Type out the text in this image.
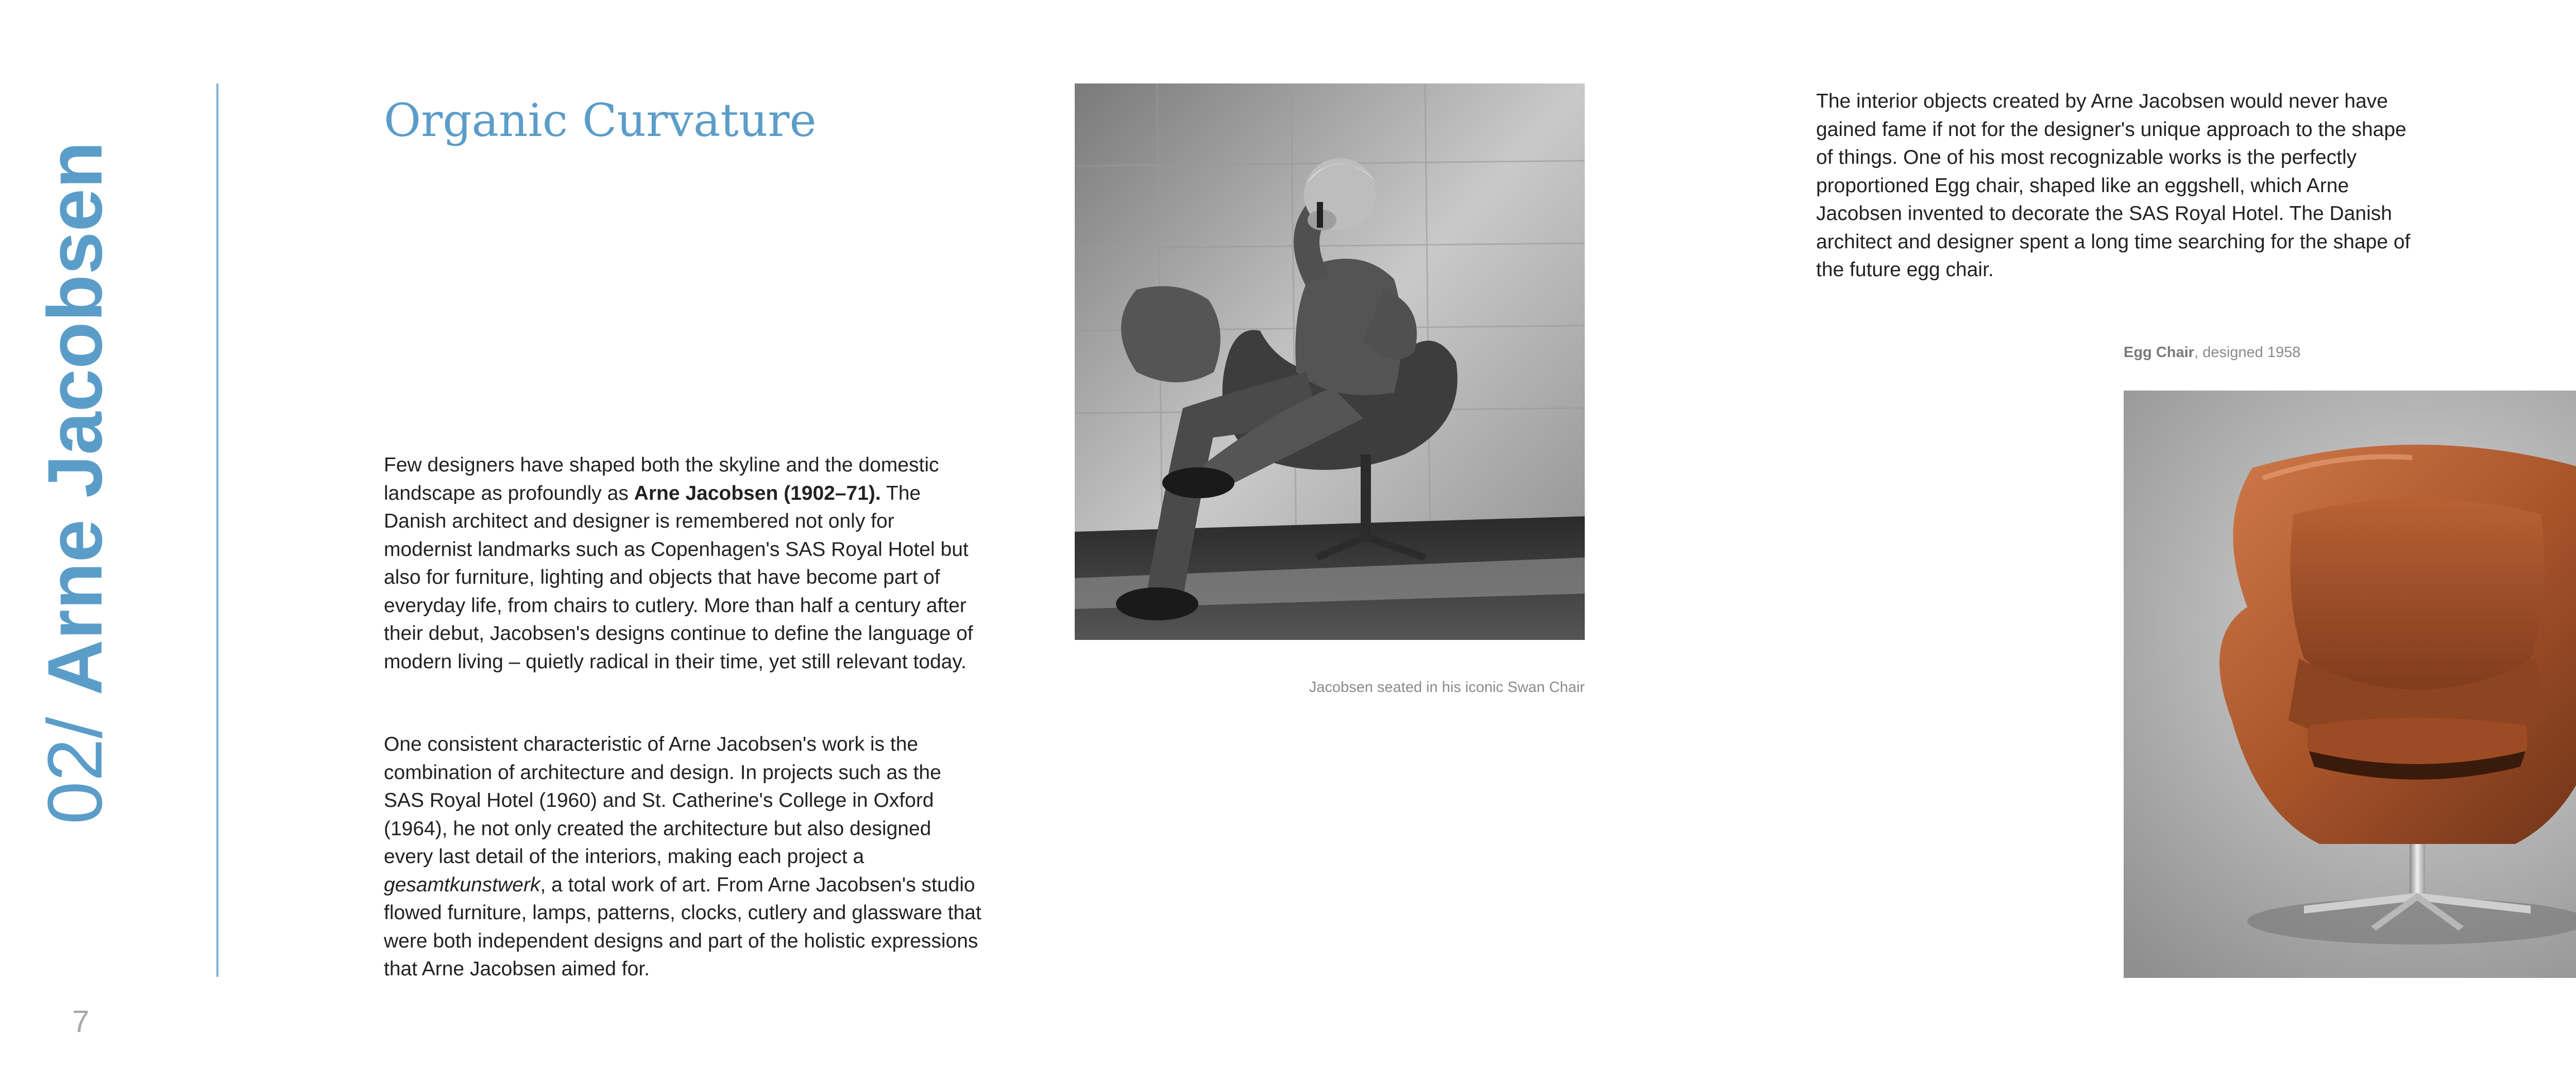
02/ Arne Jacobsen
7
Organic Curvature
Few designers have shaped both the skyline and the domestic landscape as profoundly as Arne Jacobsen (1902–71). The Danish architect and designer is remembered not only for modernist landmarks such as Copenhagen's SAS Royal Hotel but also for furniture, lighting and objects that have become part of everyday life, from chairs to cutlery. More than half a century after their debut, Jacobsen's designs continue to define the language of modern living – quietly radical in their time, yet still relevant today.
One consistent characteristic of Arne Jacobsen's work is the combination of architecture and design. In projects such as the SAS Royal Hotel (1960) and St. Catherine's College in Oxford (1964), he not only created the architecture but also designed every last detail of the interiors, making each project a gesamtkunstwerk, a total work of art. From Arne Jacobsen's studio flowed furniture, lamps, patterns, clocks, cutlery and glassware that were both independent designs and part of the holistic expressions that Arne Jacobsen aimed for.
Jacobsen seated in his iconic Swan Chair
The interior objects created by Arne Jacobsen would never have gained fame if not for the designer's unique approach to the shape of things. One of his most recognizable works is the perfectly proportioned Egg chair, shaped like an eggshell, which Arne Jacobsen invented to decorate the SAS Royal Hotel. The Danish architect and designer spent a long time searching for the shape of the future egg chair.
Egg Chair, designed 1958
